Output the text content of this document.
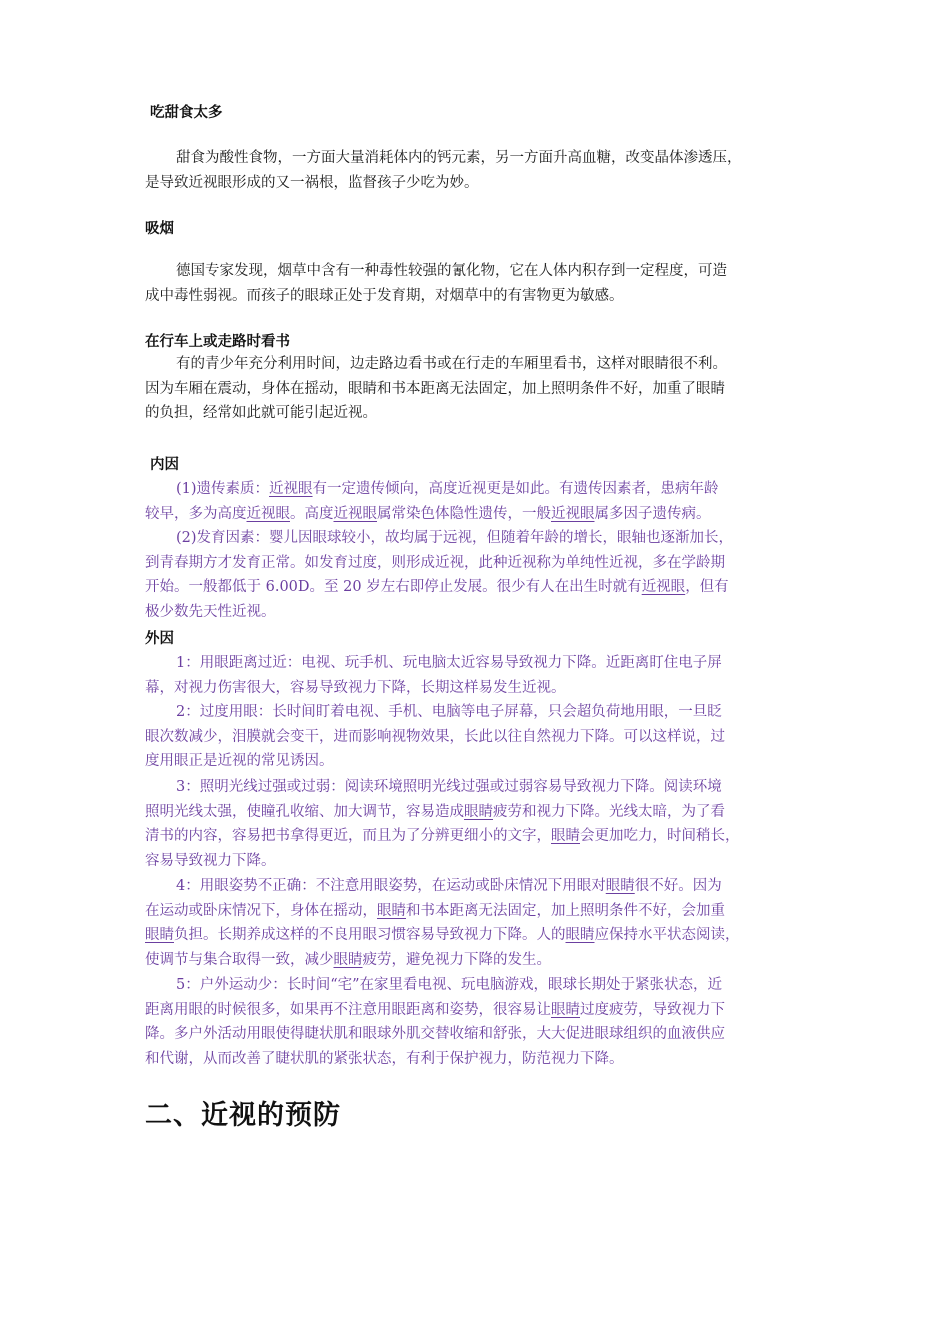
吃甜食太多
甜食为酸性食物，一方面大量消耗体内的钙元素，另一方面升高血糖，改变晶体渗透压，
是导致近视眼形成的又一祸根，监督孩子少吃为妙。
吸烟
德国专家发现，烟草中含有一种毒性较强的氰化物，它在人体内积存到一定程度，可造
成中毒性弱视。而孩子的眼球正处于发育期，对烟草中的有害物更为敏感。
在行车上或走路时看书
有的青少年充分利用时间，边走路边看书或在行走的车厢里看书，这样对眼睛很不利。
因为车厢在震动，身体在摇动，眼睛和书本距离无法固定，加上照明条件不好，加重了眼睛
的负担，经常如此就可能引起近视。
内因
(1)遗传素质：近视眼有一定遗传倾向，高度近视更是如此。有遗传因素者，患病年龄
较早，多为高度近视眼。高度近视眼属常染色体隐性遗传，一般近视眼属多因子遗传病。
(2)发育因素：婴儿因眼球较小，故均属于远视，但随着年龄的增长，眼轴也逐渐加长，
到青春期方才发育正常。如发育过度，则形成近视，此种近视称为单纯性近视，多在学龄期
开始。一般都低于 6.00D。至 20 岁左右即停止发展。很少有人在出生时就有近视眼，但有
极少数先天性近视。
外因
1：用眼距离过近：电视、玩手机、玩电脑太近容易导致视力下降。近距离盯住电子屏
幕，对视力伤害很大，容易导致视力下降，长期这样易发生近视。
2：过度用眼：长时间盯着电视、手机、电脑等电子屏幕，只会超负荷地用眼，一旦眨
眼次数减少，泪膜就会变干，进而影响视物效果，长此以往自然视力下降。可以这样说，过
度用眼正是近视的常见诱因。
3：照明光线过强或过弱：阅读环境照明光线过强或过弱容易导致视力下降。阅读环境
照明光线太强，使瞳孔收缩、加大调节，容易造成眼睛疲劳和视力下降。光线太暗，为了看
清书的内容，容易把书拿得更近，而且为了分辨更细小的文字，眼睛会更加吃力，时间稍长，
容易导致视力下降。
4：用眼姿势不正确：不注意用眼姿势，在运动或卧床情况下用眼对眼睛很不好。因为
在运动或卧床情况下，身体在摇动，眼睛和书本距离无法固定，加上照明条件不好，会加重
眼睛负担。长期养成这样的不良用眼习惯容易导致视力下降。人的眼睛应保持水平状态阅读，
使调节与集合取得一致，减少眼睛疲劳，避免视力下降的发生。
5：户外运动少：长时间“宅”在家里看电视、玩电脑游戏，眼球长期处于紧张状态，近
距离用眼的时候很多，如果再不注意用眼距离和姿势，很容易让眼睛过度疲劳，导致视力下
降。多户外活动用眼使得睫状肌和眼球外肌交替收缩和舒张，大大促进眼球组织的血液供应
和代谢，从而改善了睫状肌的紧张状态，有利于保护视力，防范视力下降。
二、近视的预防
